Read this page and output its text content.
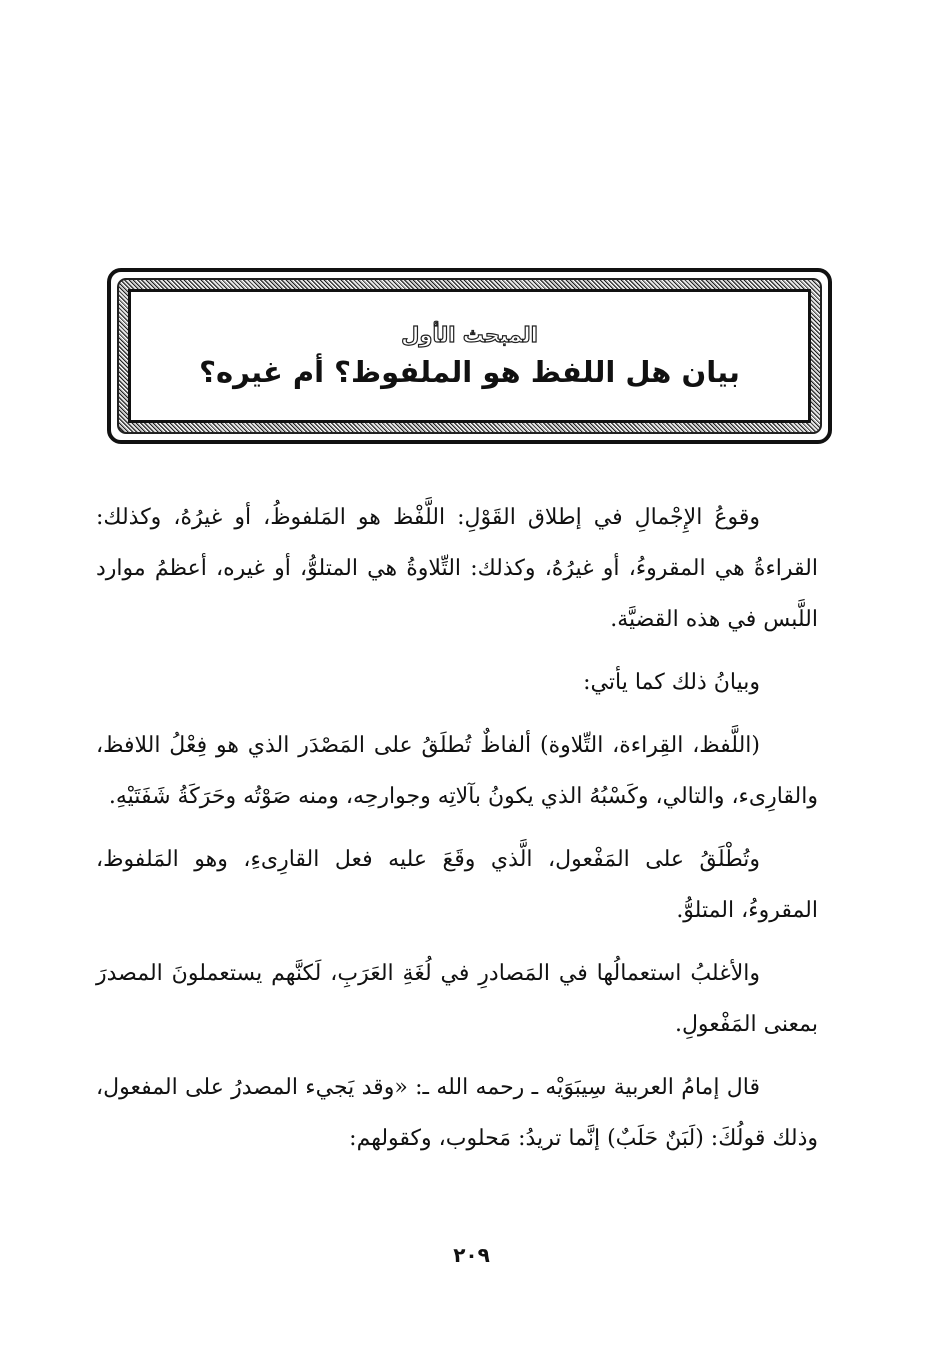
المبحث الأول
بيان هل اللفظ هو الملفوظ؟ أم غيره؟

وقوعُ الإِجْمالِ في إطلاق القَوْلِ: اللَّفْظ هو المَلفوظُ، أو غيرُهُ، وكذلك: القراءةُ هي المقروءُ، أو غيرُهُ، وكذلك: التِّلاوةُ هي المتلوُّ، أو غيره، أعظمُ موارد اللَّبس في هذه القضيَّة.

وبيانُ ذلك كما يأتي:

(اللَّفظ، القِراءة، التِّلاوة) ألفاظٌ تُطلَقُ على المَصْدَر الذي هو فِعْلُ اللافظ، والقارِىء، والتالي، وكَسْبُهُ الذي يكونُ بآلاتِه وجوارحِه، ومنه صَوْتُه وحَرَكَةُ شَفَتَيْهِ.

وتُطْلَقُ على المَفْعول، الَّذي وقَعَ عليه فعل القارِىءِ، وهو المَلفوظ، المقروءُ، المتلوُّ.

والأغلبُ استعمالُها في المَصادرِ في لُغَةِ العَرَبِ، لَكنَّهم يستعملونَ المصدرَ بمعنى المَفْعولِ.

قال إمامُ العربية سِيبَوَيْه ـ رحمه الله ـ: «وقد يَجيء المصدرُ على المفعول، وذلك قولُكَ: (لَبَنٌ حَلَبٌ) إنَّما تريدُ: مَحلوب، وكقولهم:

٢٠٩
